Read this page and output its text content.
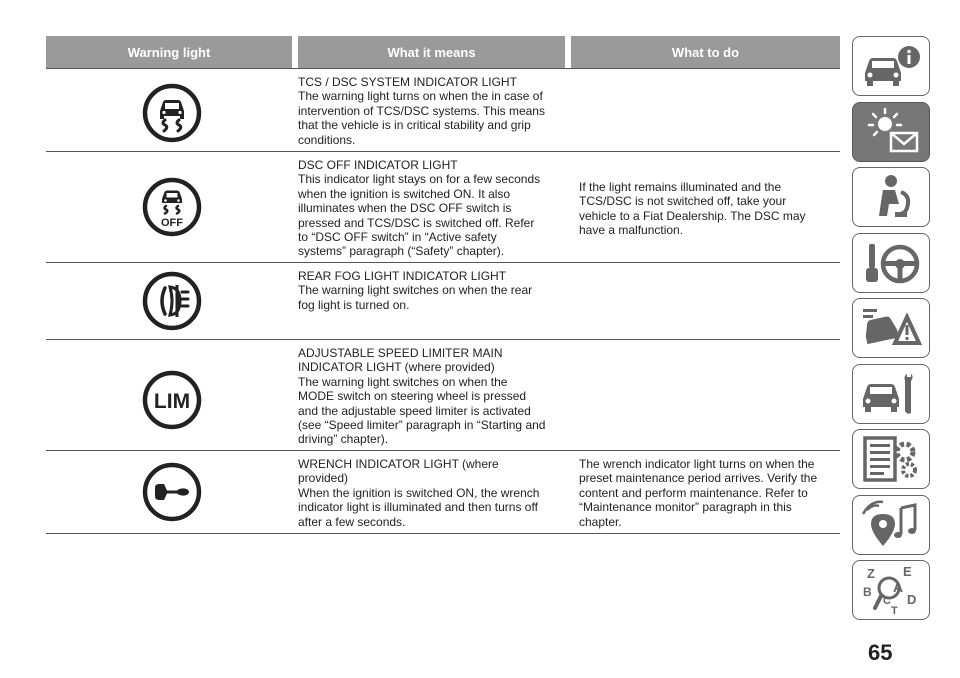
Warning light	What it means	What to do
TCS / DSC SYSTEM INDICATOR LIGHT
The warning light turns on when the in case of
intervention of TCS/DSC systems. This means
that the vehicle is in critical stability and grip
conditions.
OFF
DSC OFF INDICATOR LIGHT
This indicator light stays on for a few seconds
when the ignition is switched ON. It also
illuminates when the DSC OFF switch is
pressed and TCS/DSC is switched off. Refer
to “DSC OFF switch” in “Active safety
systems” paragraph (“Safety” chapter).
If the light remains illuminated and the
TCS/DSC is not switched off, take your
vehicle to a Fiat Dealership. The DSC may
have a malfunction.
REAR FOG LIGHT INDICATOR LIGHT
The warning light switches on when the rear
fog light is turned on.
LIM
ADJUSTABLE SPEED LIMITER MAIN
INDICATOR LIGHT (where provided)
The warning light switches on when the
MODE switch on steering wheel is pressed
and the adjustable speed limiter is activated
(see “Speed limiter” paragraph in “Starting and
driving” chapter).
WRENCH INDICATOR LIGHT (where
provided)
When the ignition is switched ON, the wrench
indicator light is illuminated and then turns off
after a few seconds.
The wrench indicator light turns on when the
preset maintenance period arrives. Verify the
content and perform maintenance. Refer to
“Maintenance monitor” paragraph in this
chapter.
Z E
A
B
C D
T
65
